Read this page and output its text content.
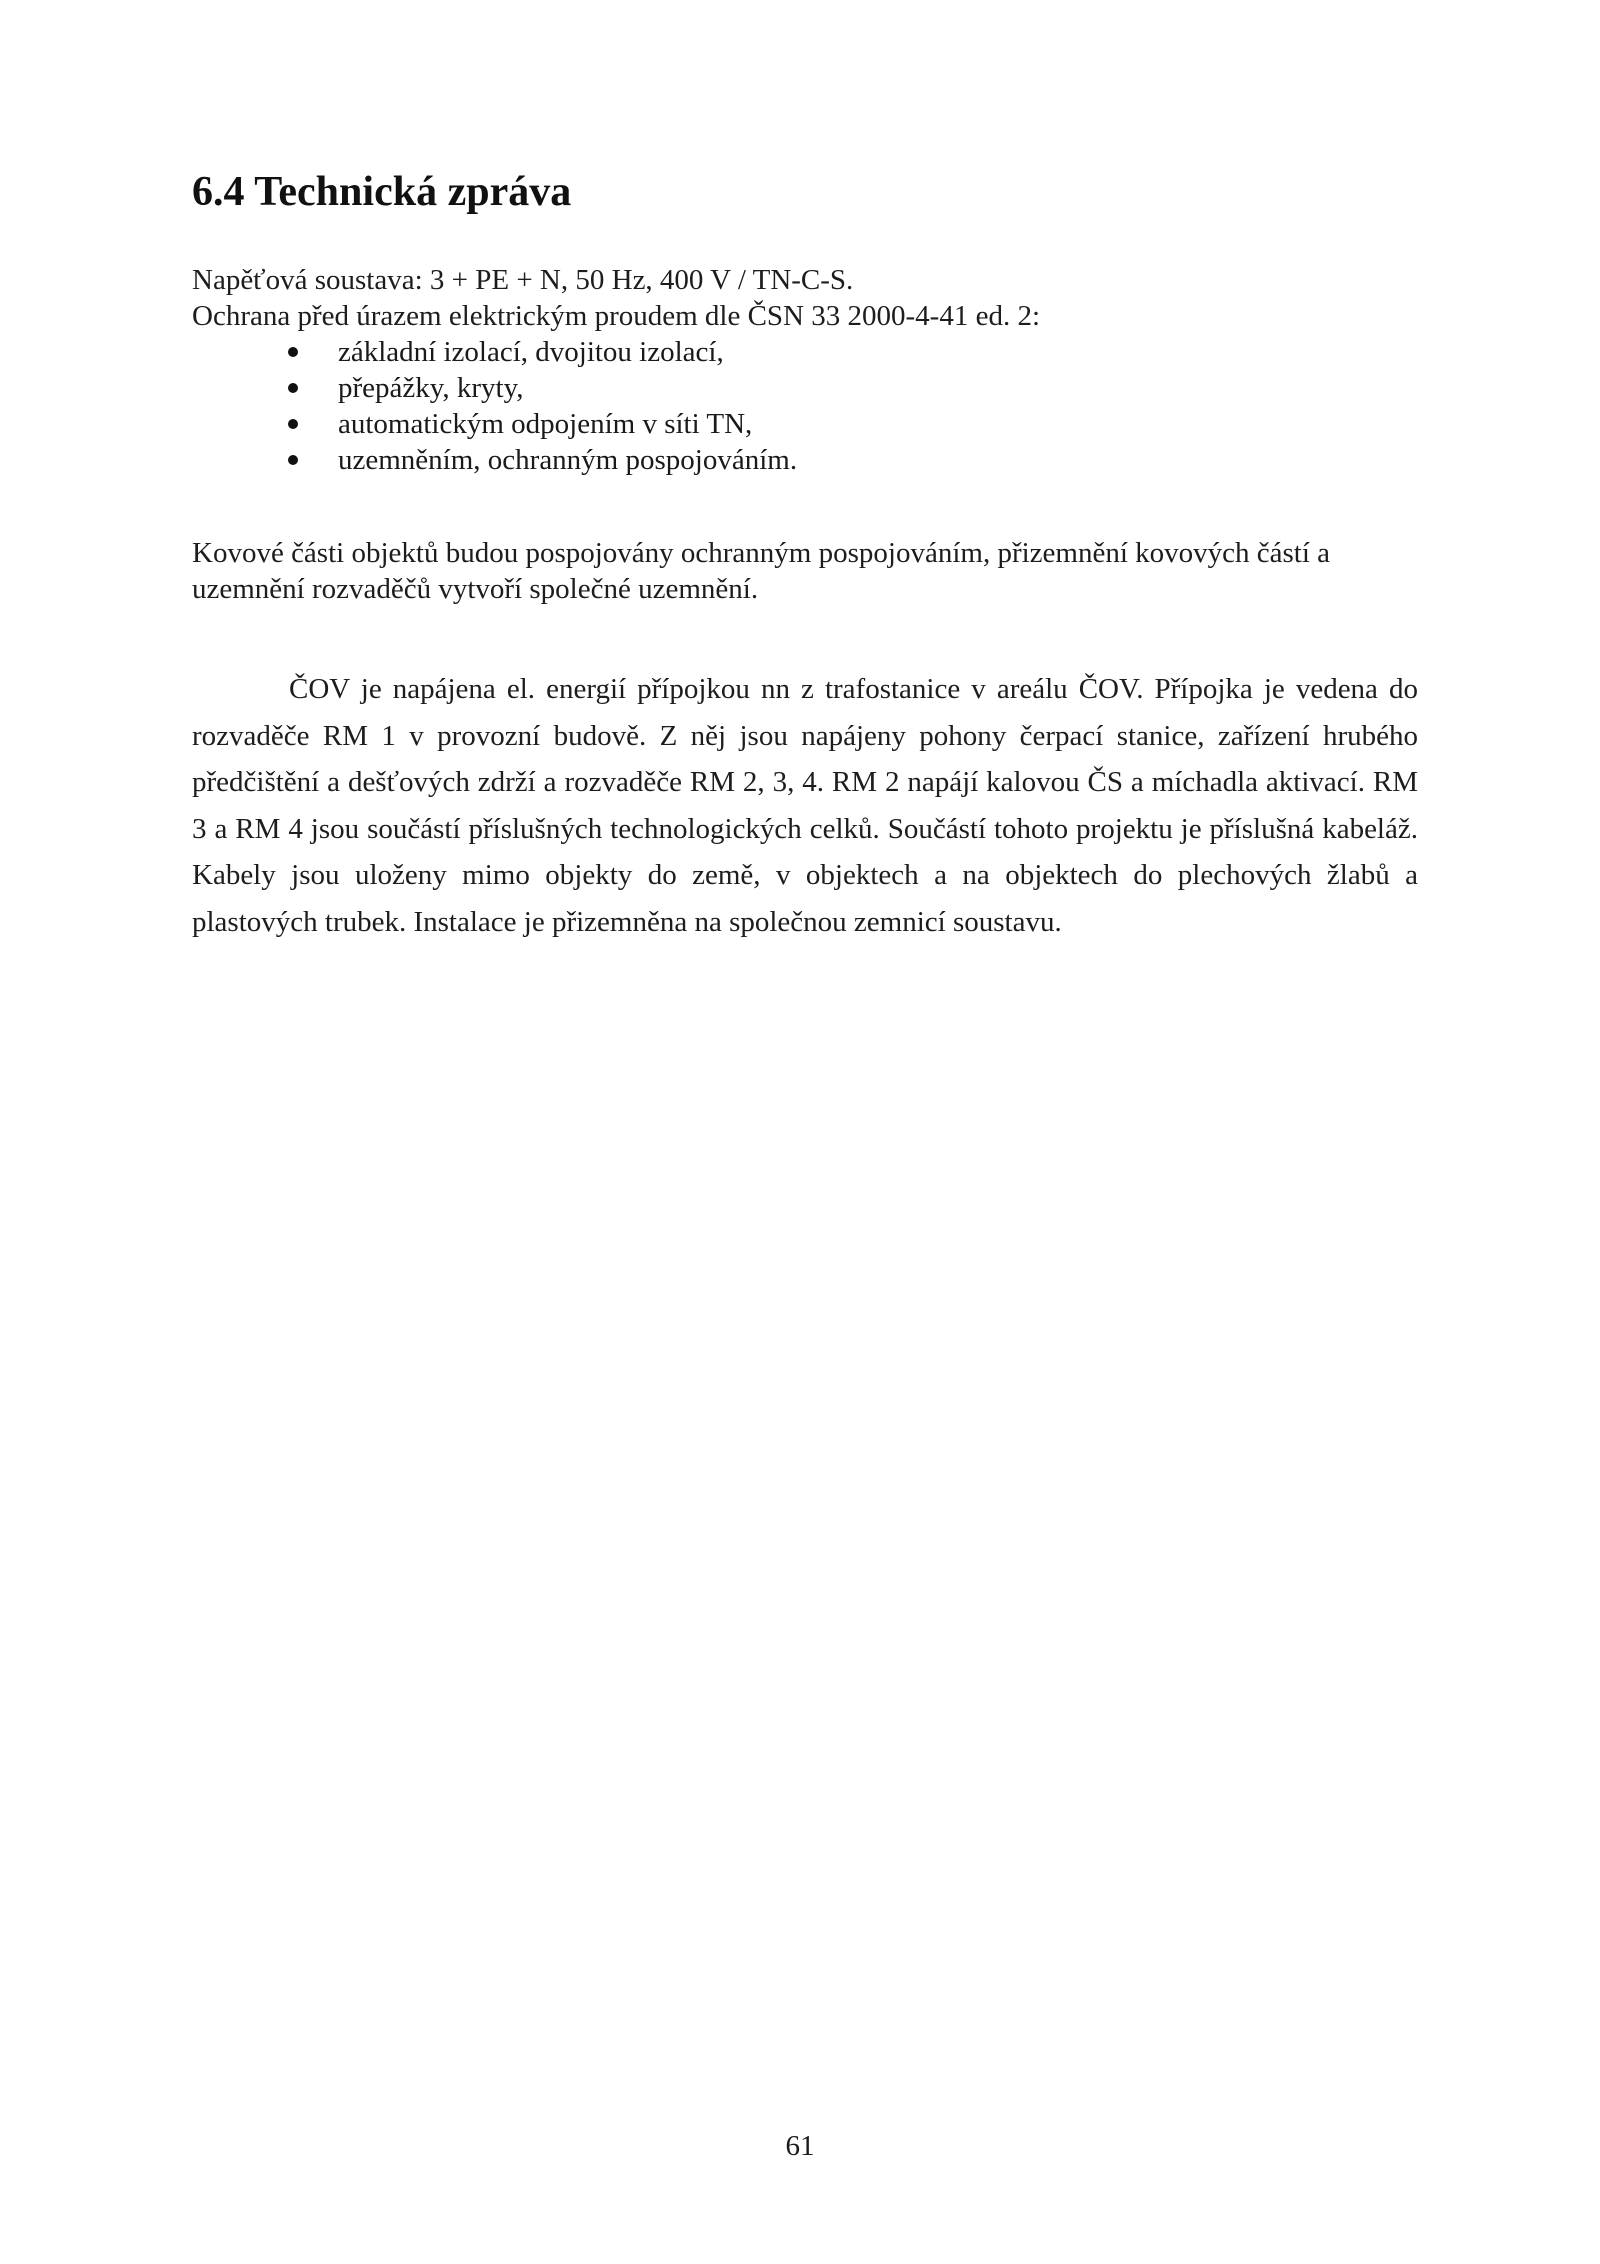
6.4 Technická zpráva

Napěťová soustava: 3 + PE + N, 50 Hz, 400 V / TN-C-S.

Ochrana před úrazem elektrickým proudem dle ČSN 33 2000-4-41 ed. 2:

základní izolací, dvojitou izolací,
přepážky, kryty,
automatickým odpojením v síti TN,
uzemněním, ochranným pospojováním.

Kovové části objektů budou pospojovány ochranným pospojováním, přizemnění kovových částí a uzemnění rozvaděčů vytvoří společné uzemnění.

ČOV je napájena el. energií přípojkou nn z trafostanice v areálu ČOV. Přípojka je vedena do rozvaděče RM 1 v provozní budově. Z něj jsou napájeny pohony čerpací stanice, zařízení hrubého předčištění a dešťových zdrží a rozvaděče RM 2, 3, 4. RM 2 napájí kalovou ČS a míchadla aktivací. RM 3 a RM 4 jsou součástí příslušných technologických celků. Součástí tohoto projektu je příslušná kabeláž. Kabely jsou uloženy mimo objekty do země, v objektech a na objektech do plechových žlabů a plastových trubek. Instalace je přizemněna na společnou zemnicí soustavu.

61
